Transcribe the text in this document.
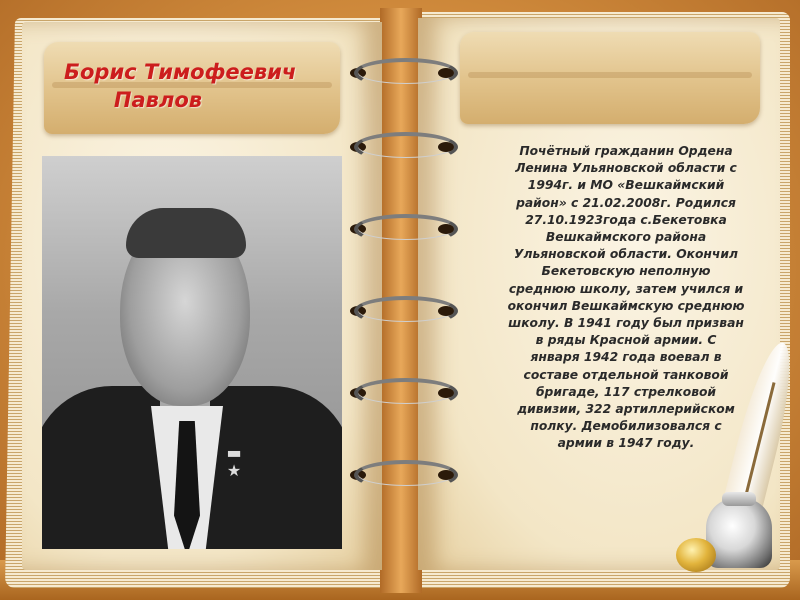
Борис Тимофеевич
Павлов
▬
★
Почётный гражданин Ордена
Ленина Ульяновской области с
1994г. и МО «Вешкаймский
район» с 21.02.2008г. Родился
27.10.1923года с.Бекетовка
Вешкаймского района
Ульяновской области. Окончил
Бекетовскую неполную
среднюю школу, затем учился и
окончил Вешкаймскую среднюю
школу. В 1941 году был призван
в ряды Красной армии. С
января 1942 года воевал в
составе отдельной танковой
бригаде, 117 стрелковой
дивизии, 322 артиллерийском
полку. Демобилизовался с
армии в 1947 году.
